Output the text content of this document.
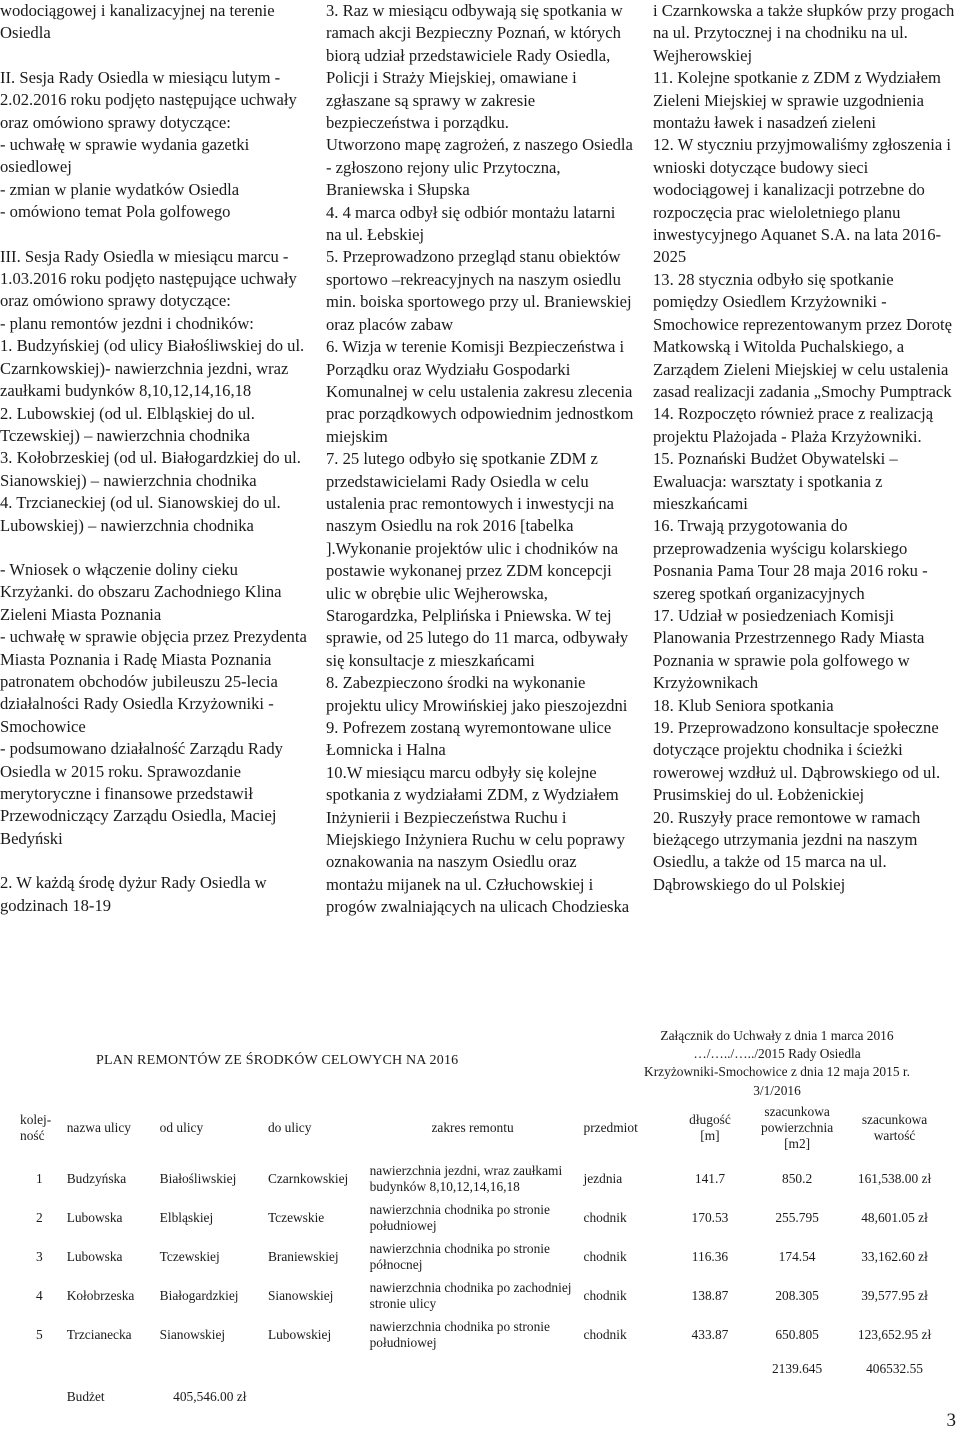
wodociągowej i kanalizacyjnej na terenie Osiedla

II. Sesja Rady Osiedla w miesiącu lutym - 2.02.2016 roku podjęto następujące uchwały oraz omówiono sprawy dotyczące:
- uchwałę w sprawie wydania gazetki osiedlowej
- zmian w planie wydatków Osiedla
- omówiono temat Pola golfowego

III. Sesja Rady Osiedla w miesiącu marcu - 1.03.2016 roku podjęto następujące uchwały oraz omówiono sprawy dotyczące:
- planu remontów jezdni i chodników:
1. Budzyńskiej (od ulicy Białośliwskiej do ul. Czarnkowskiej)- nawierzchnia jezdni, wraz zaułkami budynków 8,10,12,14,16,18
2. Lubowskiej (od ul. Elbląskiej do ul. Tczewskiej) – nawierzchnia chodnika
3. Kołobrzeskiej (od ul. Białogardzkiej do ul. Sianowskiej) – nawierzchnia chodnika
4. Trzcianeckiej (od ul. Sianowskiej do ul. Lubowskiej) – nawierzchnia chodnika

- Wniosek o włączenie doliny cieku Krzyżanki. do obszaru Zachodniego Klina Zieleni Miasta Poznania
- uchwałę w sprawie objęcia przez Prezydenta Miasta Poznania i Radę Miasta Poznania patronatem obchodów jubileuszu 25-lecia działalności Rady Osiedla Krzyżowniki - Smochowice
- podsumowano działalność Zarządu Rady Osiedla w 2015 roku. Sprawozdanie merytoryczne i finansowe przedstawił Przewodniczący Zarządu Osiedla, Maciej Bedyński

2. W każdą środę dyżur Rady Osiedla w godzinach 18-19

3. Raz w miesiącu odbywają się spotkania w ramach akcji Bezpieczny Poznań, w których biorą udział przedstawiciele Rady Osiedla, Policji i Straży Miejskiej, omawiane i zgłaszane są sprawy w zakresie bezpieczeństwa i porządku.

Utworzono mapę zagrożeń, z naszego Osiedla - zgłoszono rejony ulic Przytoczna, Braniewska i Słupska

4. 4 marca odbył się odbiór montażu latarni na ul. Łebskiej

5. Przeprowadzono przegląd stanu obiektów sportowo –rekreacyjnych na naszym osiedlu min. boiska sportowego przy ul. Braniewskiej oraz placów zabaw

6. Wizja w terenie Komisji Bezpieczeństwa i Porządku oraz Wydziału Gospodarki Komunalnej w celu ustalenia zakresu zlecenia prac porządkowych odpowiednim jednostkom miejskim

7. 25 lutego odbyło się spotkanie ZDM z przedstawicielami Rady Osiedla w celu ustalenia prac remontowych i inwestycji na naszym Osiedlu na rok 2016 [tabelka ].Wykonanie projektów ulic i chodników na postawie wykonanej przez ZDM koncepcji ulic w obrębie ulic Wejherowska, Starogardzka, Pelplińska i Pniewska. W tej sprawie, od 25 lutego do 11 marca, odbywały się konsultacje z mieszkańcami

8. Zabezpieczono środki na wykonanie projektu ulicy Mrowińskiej jako pieszojezdni

9. Pofrezem zostaną wyremontowane ulice Łomnicka i Halna

10.W miesiącu marcu odbyły się kolejne spotkania z wydziałami ZDM, z Wydziałem Inżynierii i Bezpieczeństwa Ruchu i Miejskiego Inżyniera Ruchu w celu poprawy oznakowania na naszym Osiedlu oraz montażu mijanek na ul. Człuchowskiej i progów zwalniających na ulicach Chodzieska

i Czarnkowska a także słupków przy progach na ul. Przytocznej i na chodniku na ul. Wejherowskiej

11. Kolejne spotkanie z ZDM z Wydziałem Zieleni Miejskiej w sprawie uzgodnienia montażu ławek i nasadzeń zieleni

12. W styczniu przyjmowaliśmy zgłoszenia i wnioski dotyczące budowy sieci wodociągowej i kanalizacji potrzebne do rozpoczęcia prac wieloletniego planu inwestycyjnego Aquanet S.A. na lata 2016-2025

13. 28 stycznia odbyło się spotkanie pomiędzy Osiedlem Krzyżowniki - Smochowice reprezentowanym przez Dorotę Matkowską i Witolda Puchalskiego, a Zarządem Zieleni Miejskiej w celu ustalenia zasad realizacji zadania „Smochy Pumptrack

14. Rozpoczęto również prace z realizacją projektu Plażojada - Plaża Krzyżowniki.

15. Poznański Budżet Obywatelski – Ewaluacja: warsztaty i spotkania z mieszkańcami

16. Trwają przygotowania do przeprowadzenia wyścigu kolarskiego Posnania Pama Tour 28 maja 2016 roku -szereg spotkań organizacyjnych

17. Udział w posiedzeniach Komisji Planowania Przestrzennego Rady Miasta Poznania w sprawie pola golfowego w Krzyżownikach

18. Klub Seniora spotkania

19. Przeprowadzono konsultacje społeczne dotyczące projektu chodnika i ścieżki rowerowej wzdłuż ul. Dąbrowskiego od ul. Prusimskiej do ul. Łobżenickiej

20. Ruszyły prace remontowe w ramach bieżącego utrzymania jezdni na naszym Osiedlu, a także od 15 marca na ul. Dąbrowskiego do ul Polskiej

PLAN REMONTÓW ZE ŚRODKÓW CELOWYCH NA 2016
Załącznik do Uchwały z dnia 1 marca 2016
…/…../…../2015 Rady Osiedla
Krzyżowniki-Smochowice z dnia 12 maja 2015 r.
3/1/2016
kolej-
ność	nazwa ulicy	od ulicy	do ulicy	zakres remontu	przedmiot	długość
[m]	szacunkowa
powierzchnia
[m2]	szacunkowa
wartość
1	Budzyńska	Białośliwskiej	Czarnkowskiej	nawierzchnia jezdni, wraz zaułkami budynków 8,10,12,14,16,18	jezdnia	141.7	850.2	161,538.00 zł
2	Lubowska	Elbląskiej	Tczewskie	nawierzchnia chodnika po stronie południowej	chodnik	170.53	255.795	48,601.05 zł
3	Lubowska	Tczewskiej	Braniewskiej	nawierzchnia chodnika po stronie północnej	chodnik	116.36	174.54	33,162.60 zł
4	Kołobrzeska	Białogardzkiej	Sianowskiej	nawierzchnia chodnika po zachodniej stronie ulicy	chodnik	138.87	208.305	39,577.95 zł
5	Trzcianecka	Sianowskiej	Lubowskiej	nawierzchnia chodnika po stronie południowej	chodnik	433.87	650.805	123,652.95 zł
							2139.645	406532.55
	Budżet	405,546.00 zł						
3
